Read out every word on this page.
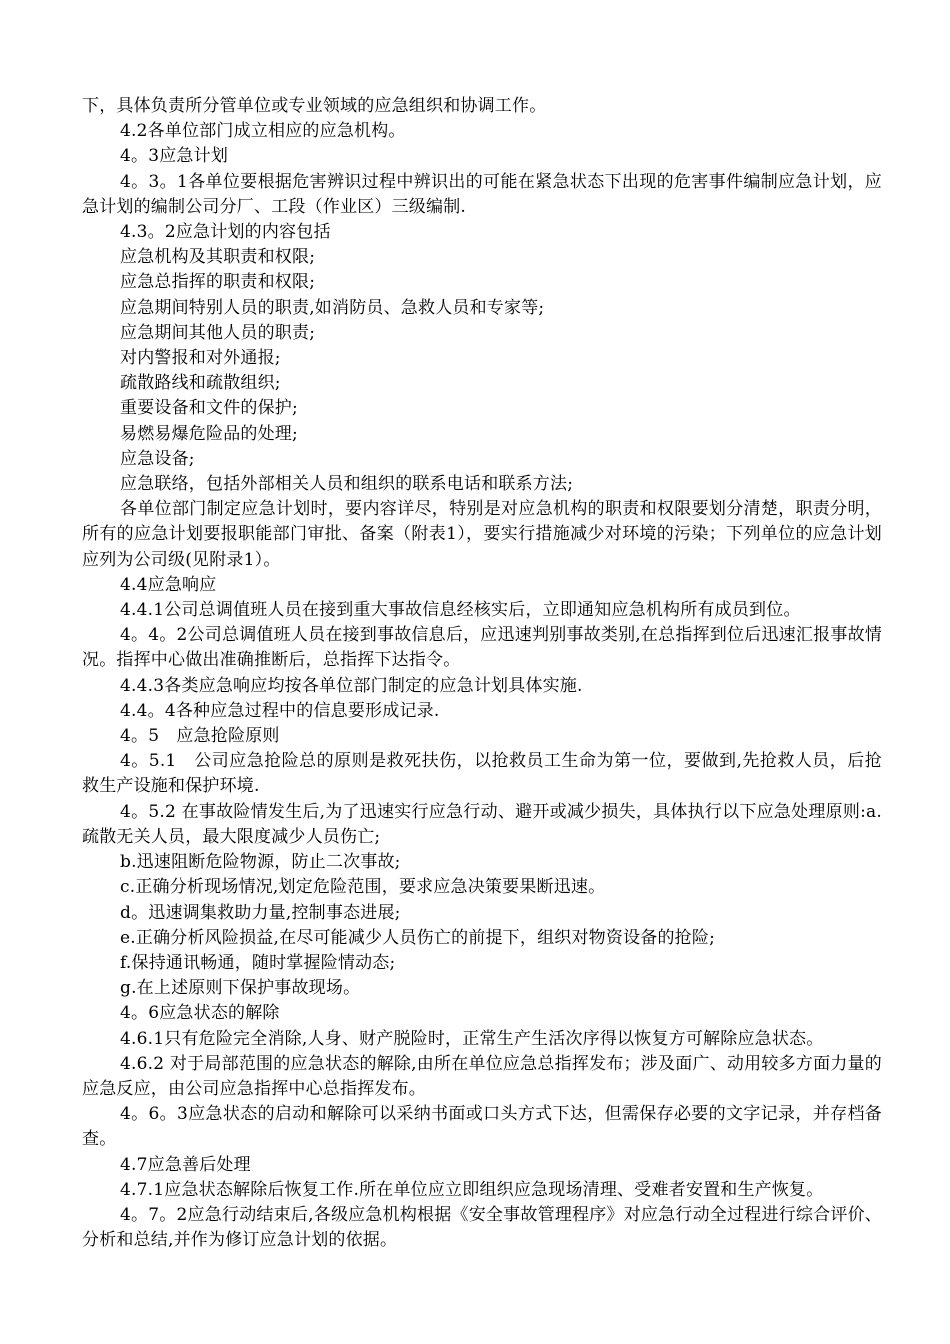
下，具体负责所分管单位或专业领域的应急组织和协调工作。

4.2各单位部门成立相应的应急机构。

4。3应急计划

4。3。1各单位要根据危害辨识过程中辨识出的可能在紧急状态下出现的危害事件编制应急计划，应急计划的编制公司分厂、工段（作业区）三级编制.

4.3。2应急计划的内容包括

应急机构及其职责和权限;

应急总指挥的职责和权限;

应急期间特别人员的职责,如消防员、急救人员和专家等;

应急期间其他人员的职责;

对内警报和对外通报;

疏散路线和疏散组织;

重要设备和文件的保护;

易燃易爆危险品的处理;

应急设备;

应急联络，包括外部相关人员和组织的联系电话和联系方法;

各单位部门制定应急计划时，要内容详尽，特别是对应急机构的职责和权限要划分清楚，职责分明，所有的应急计划要报职能部门审批、备案（附表1），要实行措施减少对环境的污染；下列单位的应急计划应列为公司级(见附录1）。

4.4应急响应

4.4.1公司总调值班人员在接到重大事故信息经核实后，立即通知应急机构所有成员到位。

4。4。2公司总调值班人员在接到事故信息后，应迅速判别事故类别,在总指挥到位后迅速汇报事故情况。指挥中心做出准确推断后，总指挥下达指令。

4.4.3各类应急响应均按各单位部门制定的应急计划具体实施.

4.4。4各种应急过程中的信息要形成记录.

4。5　应急抢险原则

4。5.1　公司应急抢险总的原则是救死扶伤，以抢救员工生命为第一位，要做到,先抢救人员，后抢救生产设施和保护环境.

4。5.2 在事故险情发生后,为了迅速实行应急行动、避开或减少损失，具体执行以下应急处理原则:a.疏散无关人员，最大限度减少人员伤亡;

b.迅速阻断危险物源，防止二次事故;

c.正确分析现场情况,划定危险范围，要求应急决策要果断迅速。

d。迅速调集救助力量,控制事态进展;

e.正确分析风险损益,在尽可能减少人员伤亡的前提下，组织对物资设备的抢险;

f.保持通讯畅通，随时掌握险情动态;

g.在上述原则下保护事故现场。

4。6应急状态的解除

4.6.1只有危险完全消除,人身、财产脱险时，正常生产生活次序得以恢复方可解除应急状态。

4.6.2 对于局部范围的应急状态的解除,由所在单位应急总指挥发布；涉及面广、动用较多方面力量的应急反应，由公司应急指挥中心总指挥发布。

4。6。3应急状态的启动和解除可以采纳书面或口头方式下达，但需保存必要的文字记录，并存档备查。

4.7应急善后处理

4.7.1应急状态解除后恢复工作.所在单位应立即组织应急现场清理、受难者安置和生产恢复。

4。7。2应急行动结束后,各级应急机构根据《安全事故管理程序》对应急行动全过程进行综合评价、分析和总结,并作为修订应急计划的依据。
